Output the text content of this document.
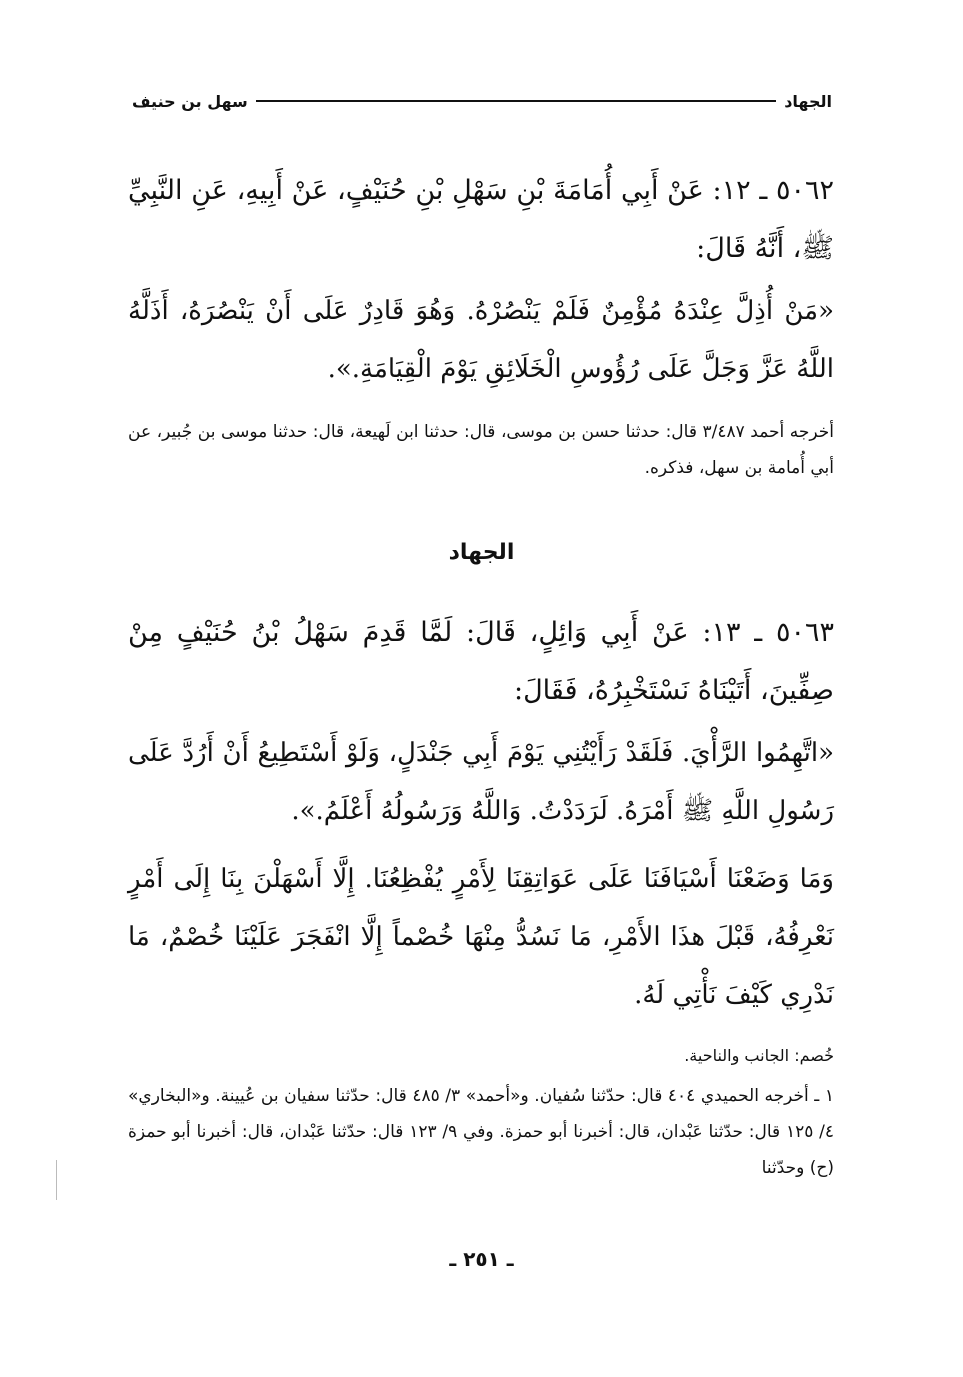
الجهاد
سهل بن حنيف
٥٠٦٢ ـ ١٢: عَنْ أَبِي أُمَامَةَ بْنِ سَهْلِ بْنِ حُنَيْفٍ، عَنْ أَبِيهِ، عَنِ النَّبِيِّ ﷺ، أَنَّهُ قَالَ:
«مَنْ أُذِلَّ عِنْدَهُ مُؤْمِنٌ فَلَمْ يَنْصُرْهُ. وَهُوَ قَادِرٌ عَلَى أَنْ يَنْصُرَهُ، أَذَلَّهُ اللَّهُ عَزَّ وَجَلَّ عَلَى رُؤُوسِ الْخَلَائِقِ يَوْمَ الْقِيَامَةِ.».
أخرجه أحمد ٣/٤٨٧ قال: حدثنا حسن بن موسى، قال: حدثنا ابن لَهيعة، قال: حدثنا موسى بن جُبير، عن أبي أُمامة بن سهل، فذكره.
الجهاد
٥٠٦٣ ـ ١٣: عَنْ أَبِي وَائِلٍ، قَالَ: لَمَّا قَدِمَ سَهْلُ بْنُ حُنَيْفٍ مِنْ صِفِّينَ، أَتَيْنَاهُ نَسْتَخْبِرُهُ، فَقَالَ:
«اتَّهِمُوا الرَّأْيَ. فَلَقَدْ رَأَيْتُنِي يَوْمَ أَبِي جَنْدَلٍ، وَلَوْ أَسْتَطِيعُ أَنْ أَرُدَّ عَلَى رَسُولِ اللَّهِ ﷺ أَمْرَهُ. لَرَدَدْتُ. وَاللَّهُ وَرَسُولُهُ أَعْلَمُ.».
وَمَا وَضَعْنَا أَسْيَافَنَا عَلَى عَوَاتِقِنَا لِأَمْرٍ يُفْظِعُنَا. إِلَّا أَسْهَلْنَ بِنَا إِلَى أَمْرٍ نَعْرِفُهُ، قَبْلَ هذَا الأَمْرِ، مَا نَسُدُّ مِنْهَا خُصْماً إِلَّا انْفَجَرَ عَلَيْنَا خُصْمٌ، مَا نَدْرِي كَيْفَ نَأْتِي لَهُ.
خُصم: الجانب والناحية.
١ ـ أخرجه الحميدي ٤٠٤ قال: حدّثنا سُفيان. و«أحمد» ٣/ ٤٨٥ قال: حدّثنا سفيان بن عُيينة. و«البخاري» ٤/ ١٢٥ قال: حدّثنا عَبْدان، قال: أخبرنا أبو حمزة. وفي ٩/ ١٢٣ قال: حدّثنا عَبْدان، قال: أخبرنا أبو حمزة (ح) وحدّثنا
ـ ٢٥١ ـ
